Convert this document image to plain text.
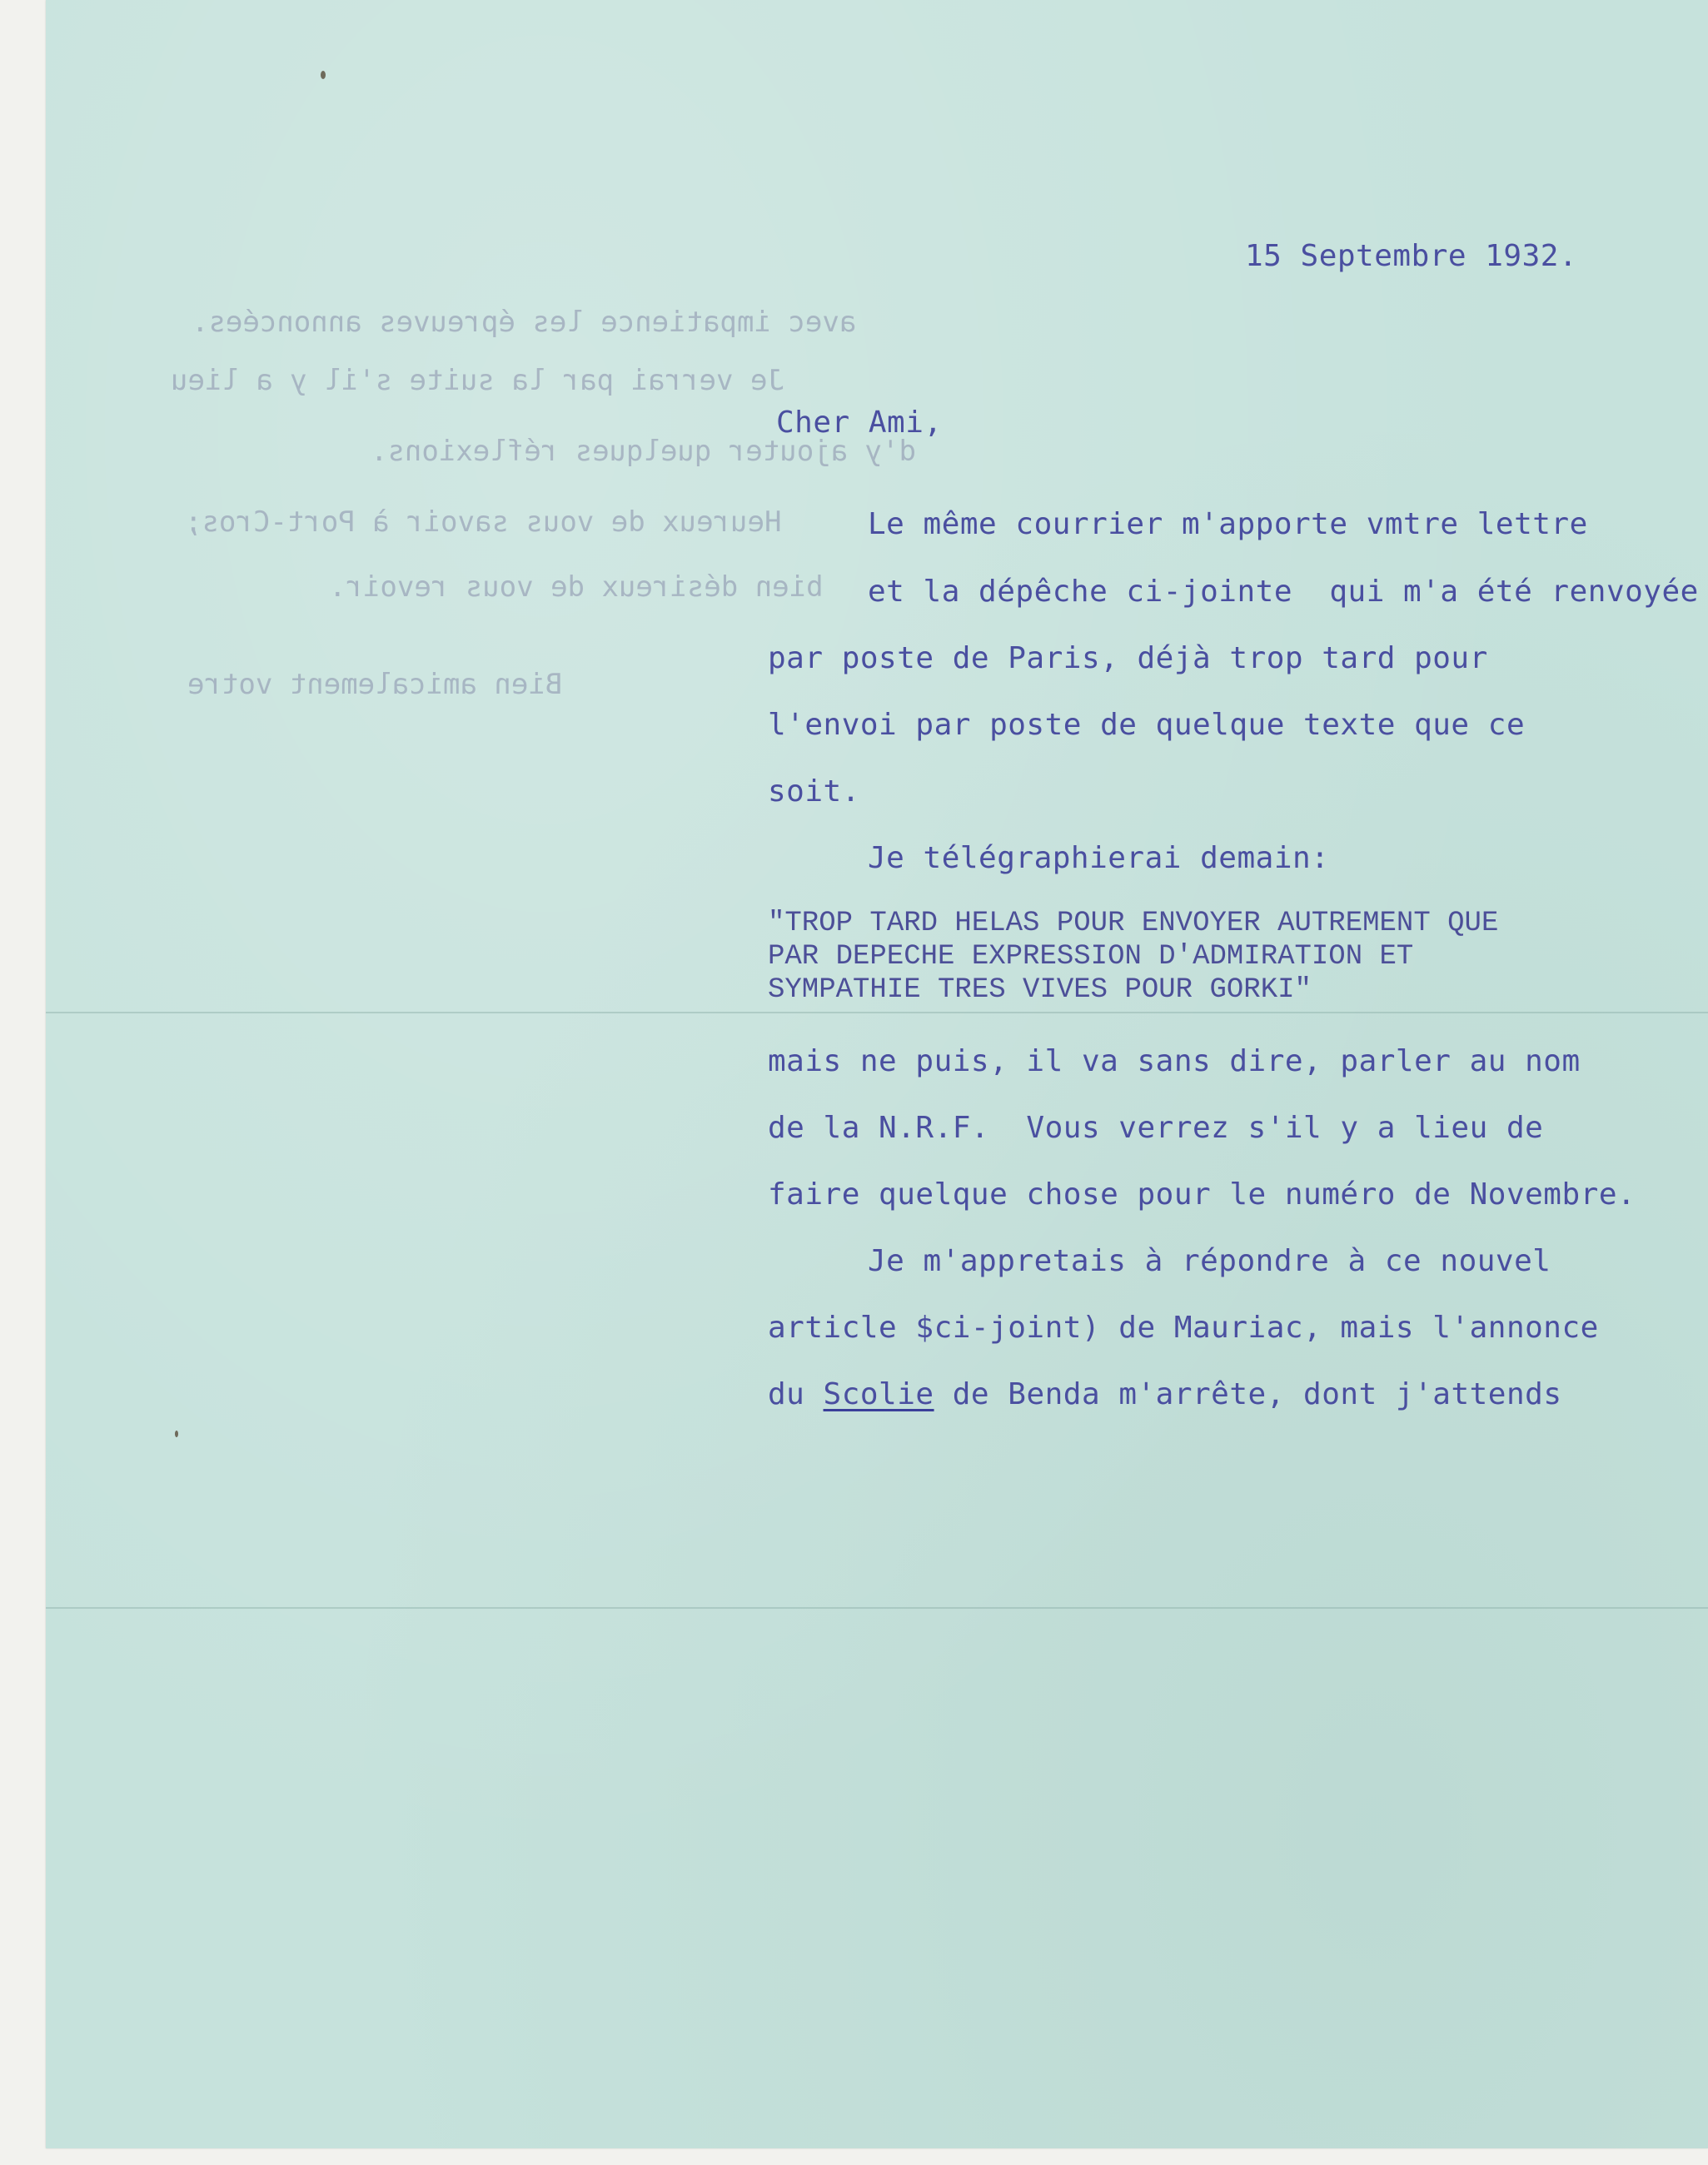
avec impatience les épreuves annoncées.
Je verrai par la suite s'il y a lieu
d'y ajouter quelques réflexions.
Heureux de vous savoir à Port-Cros;
bien désireux de vous revoir.
Bien amicalement votre
15 Septembre 1932.
Cher Ami,
Le même courrier m'apporte vmtre lettre
et la dépêche ci-jointe  qui m'a été renvoyée
par poste de Paris, déjà trop tard pour
l'envoi par poste de quelque texte que ce
soit.
Je télégraphierai demain:
"TROP TARD HELAS POUR ENVOYER AUTREMENT QUE
PAR DEPECHE EXPRESSION D'ADMIRATION ET
SYMPATHIE TRES VIVES POUR GORKI"
mais ne puis, il va sans dire, parler au nom
de la N.R.F.  Vous verrez s'il y a lieu de
faire quelque chose pour le numéro de Novembre.
Je m'appretais à répondre à ce nouvel
article $ci-joint) de Mauriac, mais l'annonce
du Scolie de Benda m'arrête, dont j'attends
